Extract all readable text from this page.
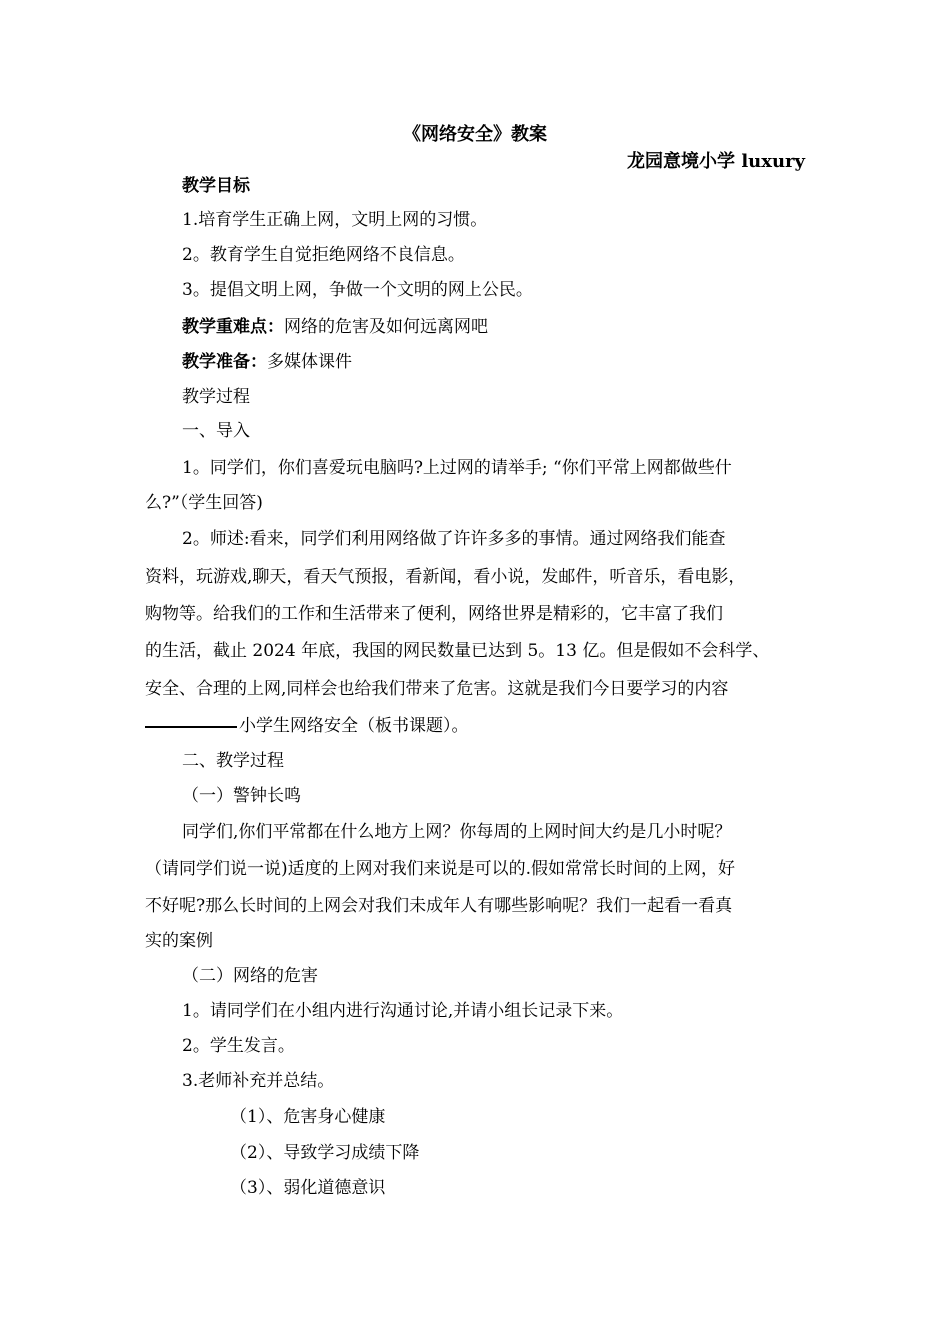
《网络安全》教案
龙园意境小学 luxury
教学目标
1.培育学生正确上网，文明上网的习惯。
2。教育学生自觉拒绝网络不良信息。
3。提倡文明上网，争做一个文明的网上公民。
教学重难点：网络的危害及如何远离网吧
教学准备：多媒体课件
教学过程
一、导入
1。同学们，你们喜爱玩电脑吗?上过网的请举手; “你们平常上网都做些什
么?”（学生回答)
2。师述:看来，同学们利用网络做了许许多多的事情。通过网络我们能查
资料，玩游戏,聊天，看天气预报，看新闻，看小说，发邮件，听音乐，看电影，
购物等。给我们的工作和生活带来了便利，网络世界是精彩的，它丰富了我们
的生活，截止 2024 年底，我国的网民数量已达到 5。13 亿。但是假如不会科学、
安全、合理的上网,同样会也给我们带来了危害。这就是我们今日要学习的内容
小学生网络安全（板书课题）。
二、教学过程
（一）警钟长鸣
同学们,你们平常都在什么地方上网？你每周的上网时间大约是几小时呢？
（请同学们说一说)适度的上网对我们来说是可以的.假如常常长时间的上网，好
不好呢?那么长时间的上网会对我们未成年人有哪些影响呢？我们一起看一看真
实的案例
（二）网络的危害
1。请同学们在小组内进行沟通讨论,并请小组长记录下来。
2。学生发言。
3.老师补充并总结。
（1）、危害身心健康
（2）、导致学习成绩下降
（3）、弱化道德意识
